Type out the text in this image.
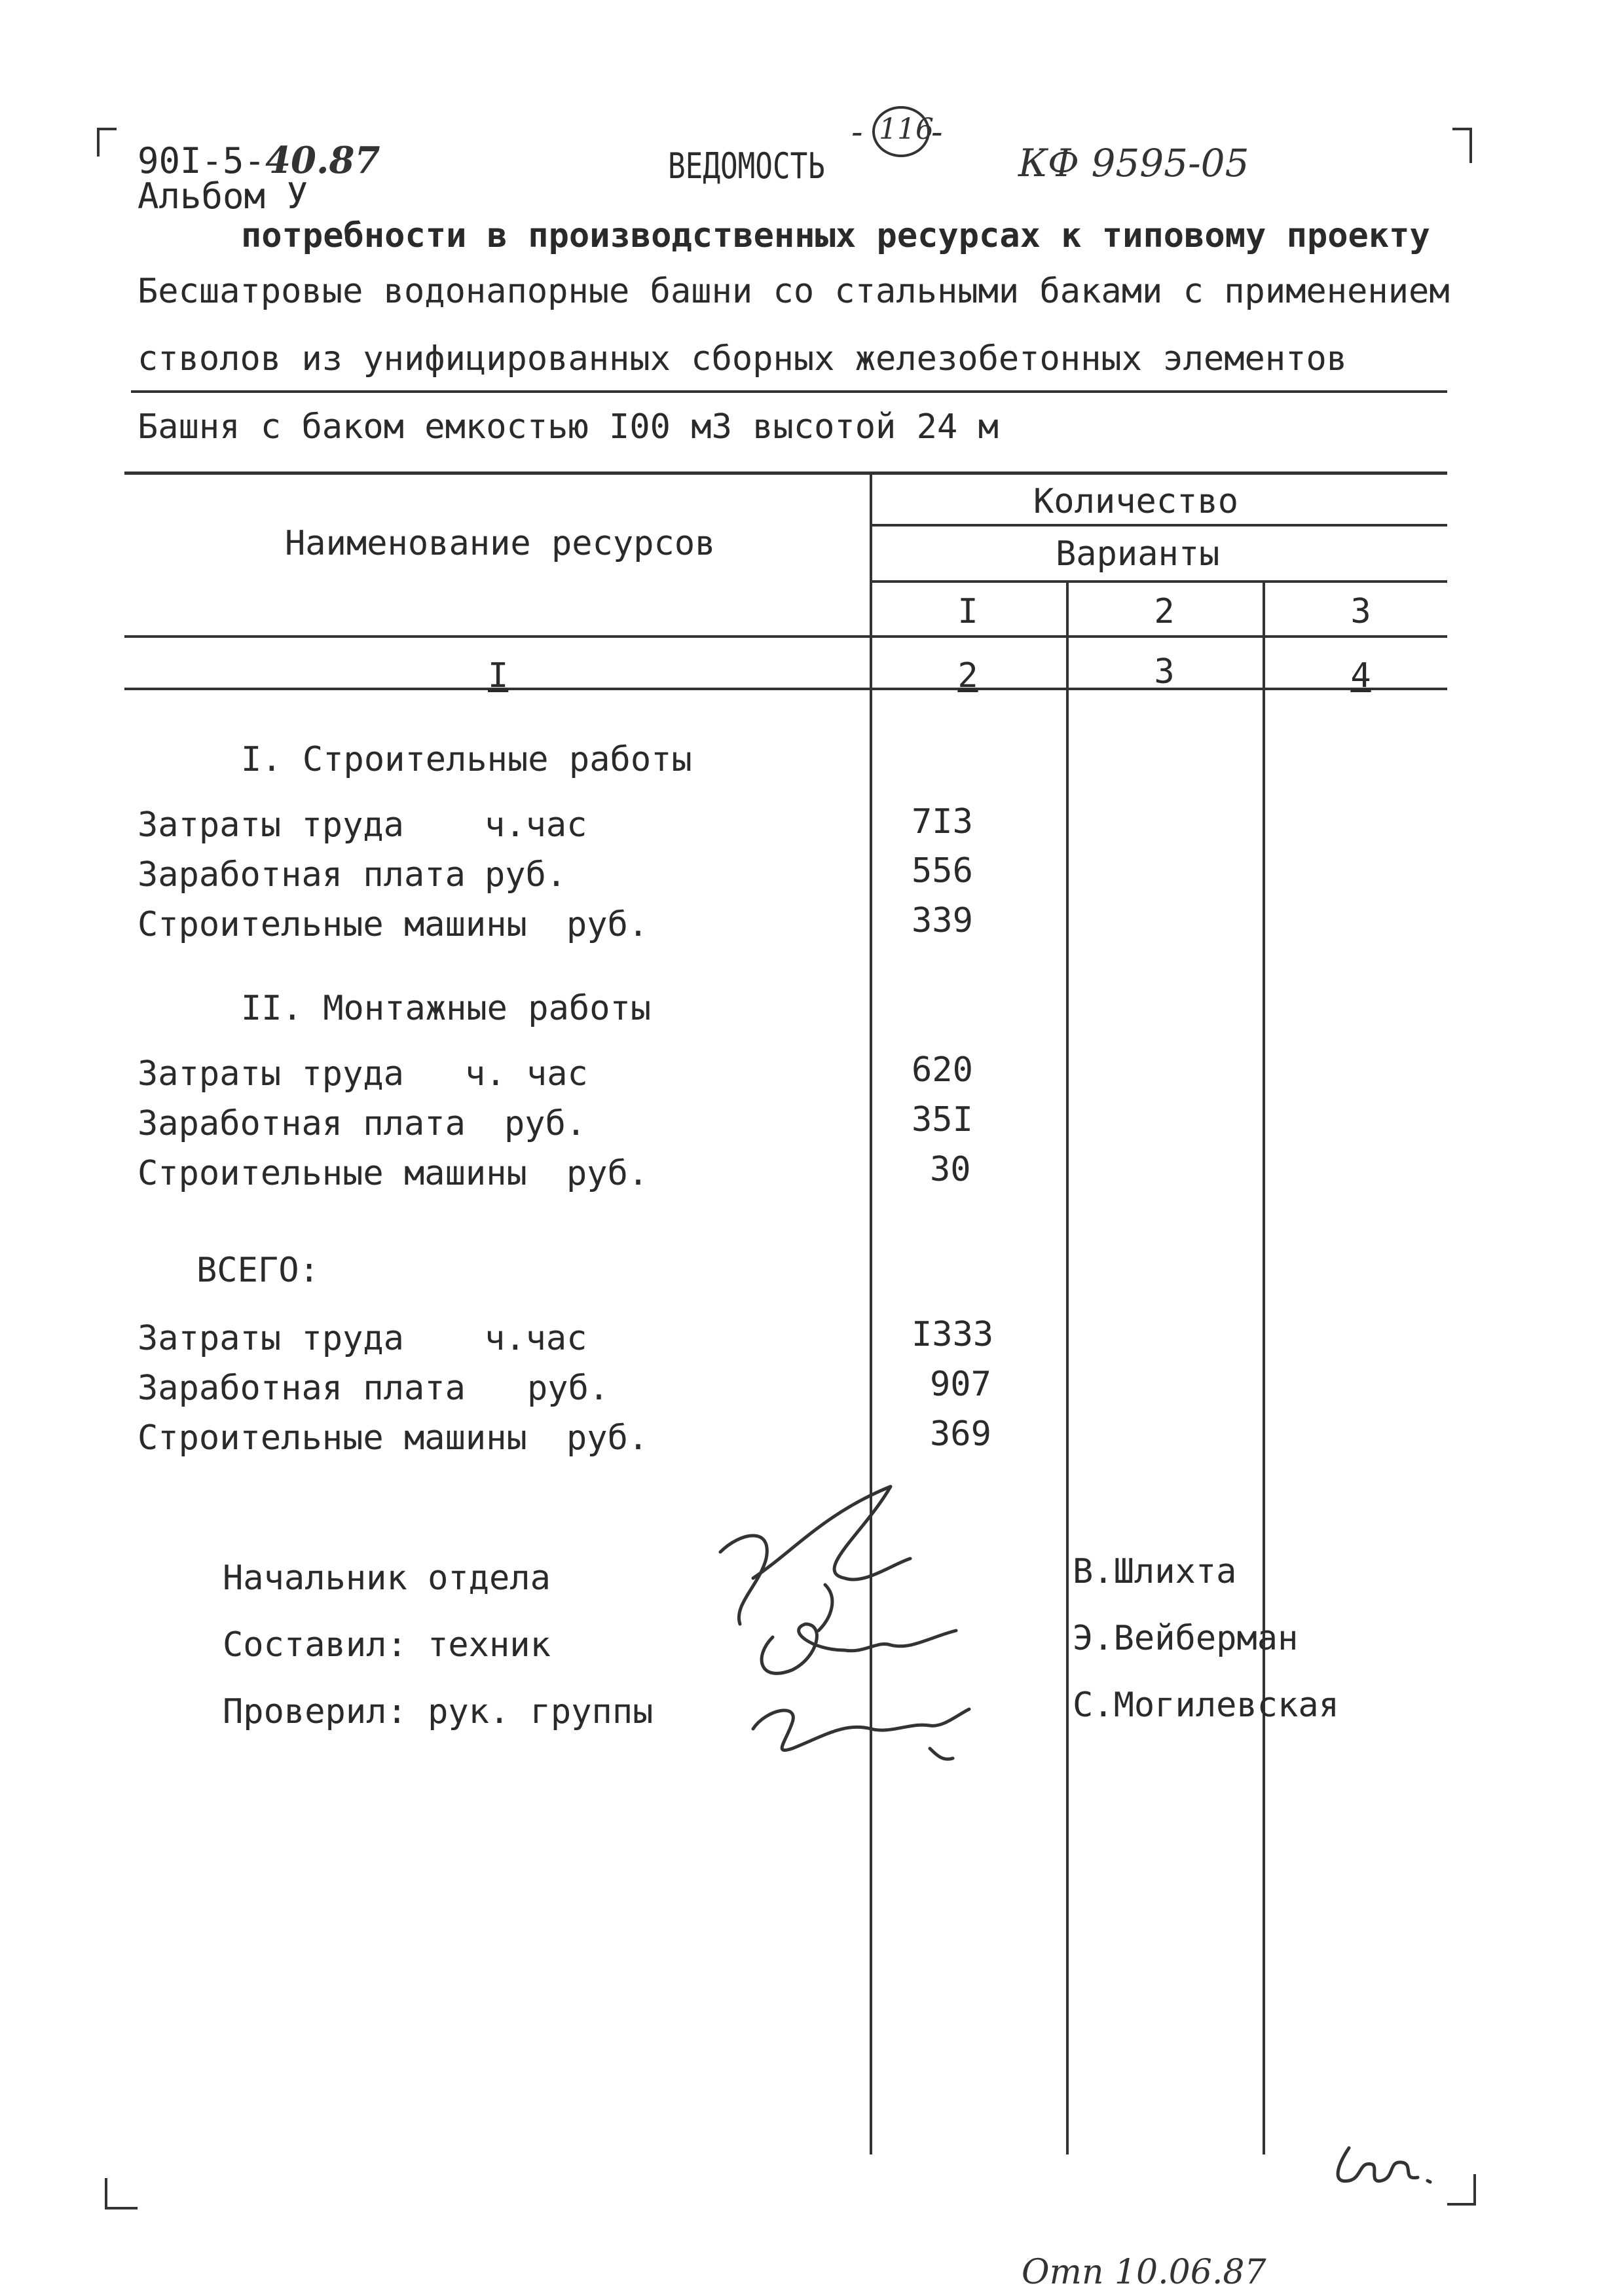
90I-5-40.87
Альбом У
ВЕДОМОСТЬ
- 116
-
КФ 9595-05
потребности в производственных ресурсах к типовому проекту
Бесшатровые водонапорные башни со стальными баками с применением
стволов из унифицированных сборных железобетонных элементов
Башня с баком емкостью I00 м3 высотой 24 м
Наименование ресурсов
Количество
Варианты
I	2	3
I	2	3	4
I. Строительные работы
Затраты труда ч.час	7I3
Заработная плата руб.	556
Строительные машины руб.	339
II. Монтажные работы
Затраты труда ч. час	620
Заработная плата руб.	35I
Строительные машины руб.	30
ВСЕГО:
Затраты труда ч.час	I333
Заработная плата руб.	907
Строительные машины руб.	369
Начальник отдела	В.Шлихта
Составил: техник	Э.Вейберман
Проверил: рук. группы	С.Могилевская
Отп 10.06.87
